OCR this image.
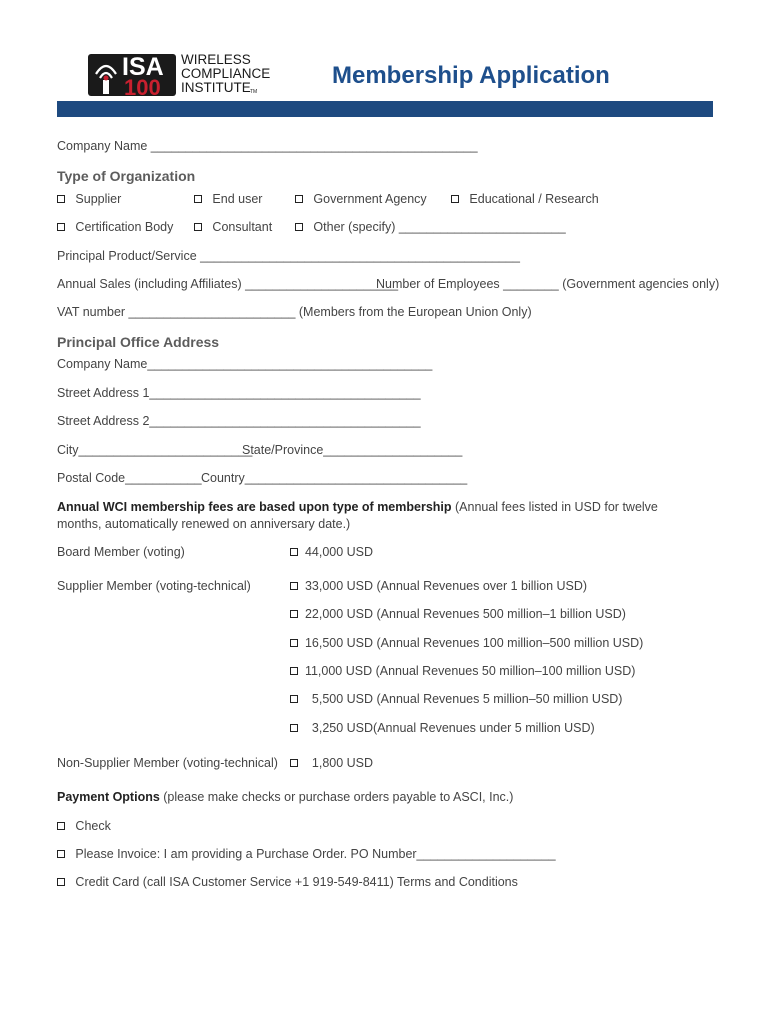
ISA
100
WIRELESS
COMPLIANCE
INSTITUTE TM
Membership Application
Company Name _______________________________________________
Type of Organization
Supplier	End user	Government Agency	Educational / Research
Certification Body	Consultant	Other (specify) ________________________
Principal Product/Service ______________________________________________
Annual Sales (including Affiliates) ______________________
Number of Employees ________ (Government agencies only)
VAT number ________________________ (Members from the European Union Only)
Principal Office Address
Company Name_________________________________________
Street Address 1_______________________________________
Street Address 2_______________________________________
City_________________________
State/Province____________________
Postal Code___________ Country________________________________
Annual WCI membership fees are based upon type of membership (Annual fees listed in USD for twelve
months, automatically renewed on anniversary date.)
Board Member (voting)	44,000 USD
Supplier Member (voting-technical)	33,000 USD (Annual Revenues over 1 billion USD)
22,000 USD (Annual Revenues 500 million–1 billion USD)
16,500 USD (Annual Revenues 100 million–500 million USD)
11,000 USD (Annual Revenues 50 million–100 million USD)
5,500 USD (Annual Revenues 5 million–50 million USD)
3,250 USD(Annual Revenues under 5 million USD)
Non-Supplier Member (voting-technical)	1,800 USD
Payment Options (please make checks or purchase orders payable to ASCI, Inc.)
Check
Please Invoice: I am providing a Purchase Order. PO Number____________________
Credit Card (call ISA Customer Service +1 919-549-8411) Terms and Conditions
